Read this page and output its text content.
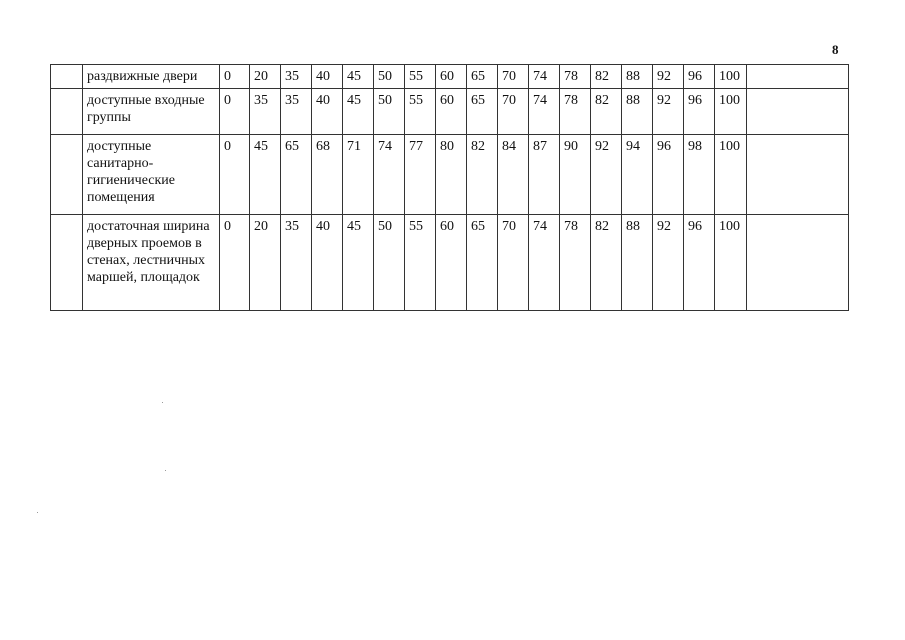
8
	раздвижные двери	0	20	35	40	45	50	55	60	65	70	74	78	82	88	92	96	100	
	доступные входные группы	0	35	35	40	45	50	55	60	65	70	74	78	82	88	92	96	100	
	доступные санитарно-гигиенические помещения	0	45	65	68	71	74	77	80	82	84	87	90	92	94	96	98	100	
	достаточная ширина дверных проемов в стенах, лестничных маршей, площадок	0	20	35	40	45	50	55	60	65	70	74	78	82	88	92	96	100	
